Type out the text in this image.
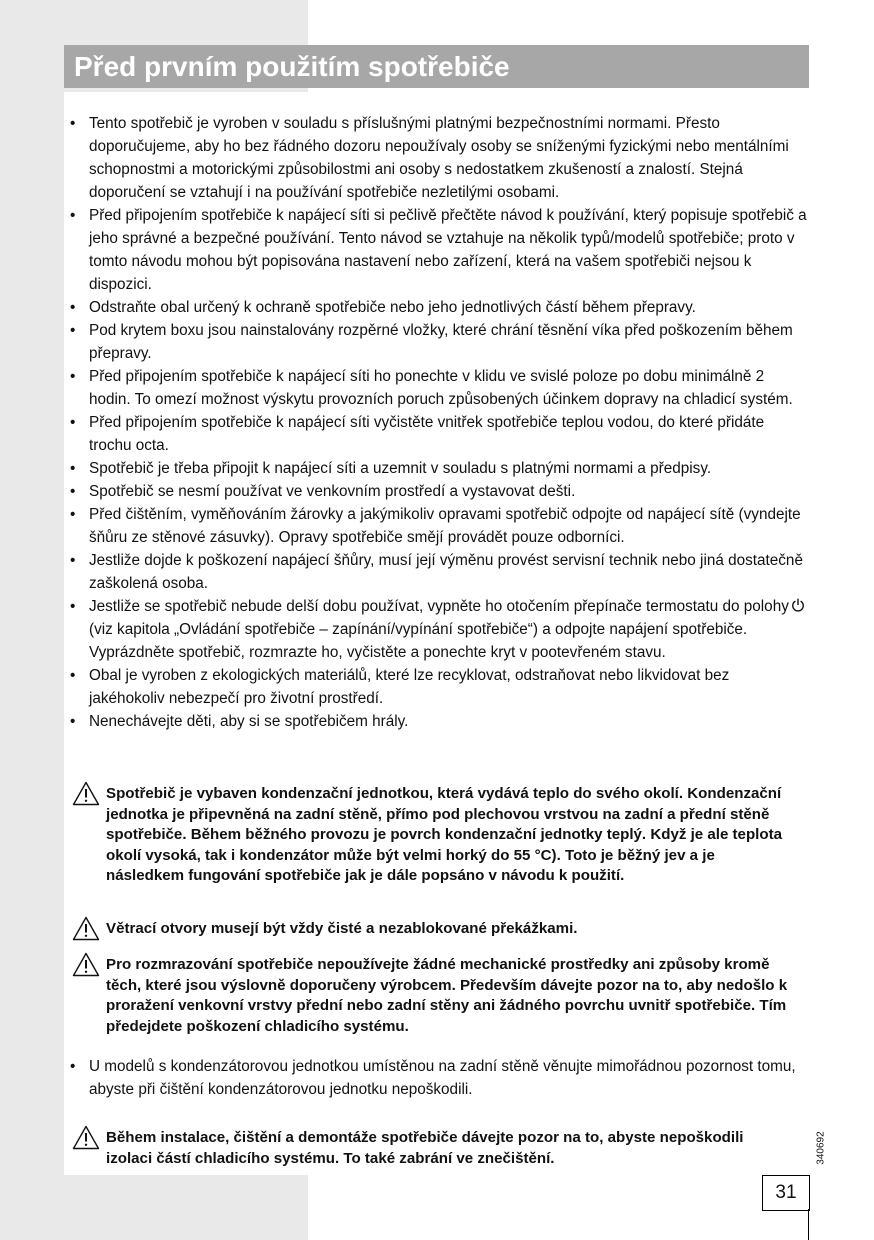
Před prvním použitím spotřebiče
• Tento spotřebič je vyroben v souladu s příslušnými platnými bezpečnostními normami. Přesto doporučujeme, aby ho bez řádného dozoru nepoužívaly osoby se sníženými fyzickými nebo mentálními schopnostmi a motorickými způsobilostmi ani osoby s nedostatkem zkušeností a znalostí. Stejná doporučení se vztahují i na používání spotřebiče nezletilými osobami.
• Před připojením spotřebiče k napájecí síti si pečlivě přečtěte návod k používání, který popisuje spotřebič a jeho správné a bezpečné používání. Tento návod se vztahuje na několik typů/modelů spotřebiče; proto v tomto návodu mohou být popisována nastavení nebo zařízení, která na vašem spotřebiči nejsou k dispozici.
• Odstraňte obal určený k ochraně spotřebiče nebo jeho jednotlivých částí během přepravy.
• Pod krytem boxu jsou nainstalovány rozpěrné vložky, které chrání těsnění víka před poškozením během přepravy.
• Před připojením spotřebiče k napájecí síti ho ponechte v klidu ve svislé poloze po dobu minimálně 2 hodin. To omezí možnost výskytu provozních poruch způsobených účinkem dopravy na chladicí systém.
• Před připojením spotřebiče k napájecí síti vyčistěte vnitřek spotřebiče teplou vodou, do které přidáte trochu octa.
• Spotřebič je třeba připojit k napájecí síti a uzemnit v souladu s platnými normami a předpisy.
• Spotřebič se nesmí používat ve venkovním prostředí a vystavovat dešti.
• Před čištěním, vyměňováním žárovky a jakýmikoliv opravami spotřebič odpojte od napájecí sítě (vyndejte šňůru ze stěnové zásuvky). Opravy spotřebiče smějí provádět pouze odborníci.
• Jestliže dojde k poškození napájecí šňůry, musí její výměnu provést servisní technik nebo jiná dostatečně zaškolená osoba.
• Jestliže se spotřebič nebude delší dobu používat, vypněte ho otočením přepínače termostatu do polohy(viz kapitola „Ovládání spotřebiče – zapínání/vypínání spotřebiče“) a odpojte napájení spotřebiče. Vyprázdněte spotřebič, rozmrazte ho, vyčistěte a ponechte kryt v pootevřeném stavu.
• Obal je vyroben z ekologických materiálů, které lze recyklovat, odstraňovat nebo likvidovat bez jakéhokoliv nebezpečí pro životní prostředí.
• Nenechávejte děti, aby si se spotřebičem hrály.

Spotřebič je vybaven kondenzační jednotkou, která vydává teplo do svého okolí. Kondenzační jednotka je připevněná na zadní stěně, přímo pod plechovou vrstvou na zadní a přední stěně spotřebiče. Během běžného provozu je povrch kondenzační jednotky teplý. Když je ale teplota okolí vysoká, tak i kondenzátor může být velmi horký do 55 °C). Toto je běžný jev a je následkem fungování spotřebiče jak je dále popsáno v návodu k použití.

Větrací otvory musejí být vždy čisté a nezablokované překážkami.

Pro rozmrazování spotřebiče nepoužívejte žádné mechanické prostředky ani způsoby kromě těch, které jsou výslovně doporučeny výrobcem. Především dávejte pozor na to, aby nedošlo k proražení venkovní vrstvy přední nebo zadní stěny ani žádného povrchu uvnitř spotřebiče. Tím předejdete poškození chladicího systému.

• U modelů s kondenzátorovou jednotkou umístěnou na zadní stěně věnujte mimořádnou pozornost tomu, abyste při čištění kondenzátorovou jednotku nepoškodili.

Během instalace, čištění a demontáže spotřebiče dávejte pozor na to, abyste nepoškodili izolaci částí chladicího systému. To také zabrání ve znečištění.	340692
31
